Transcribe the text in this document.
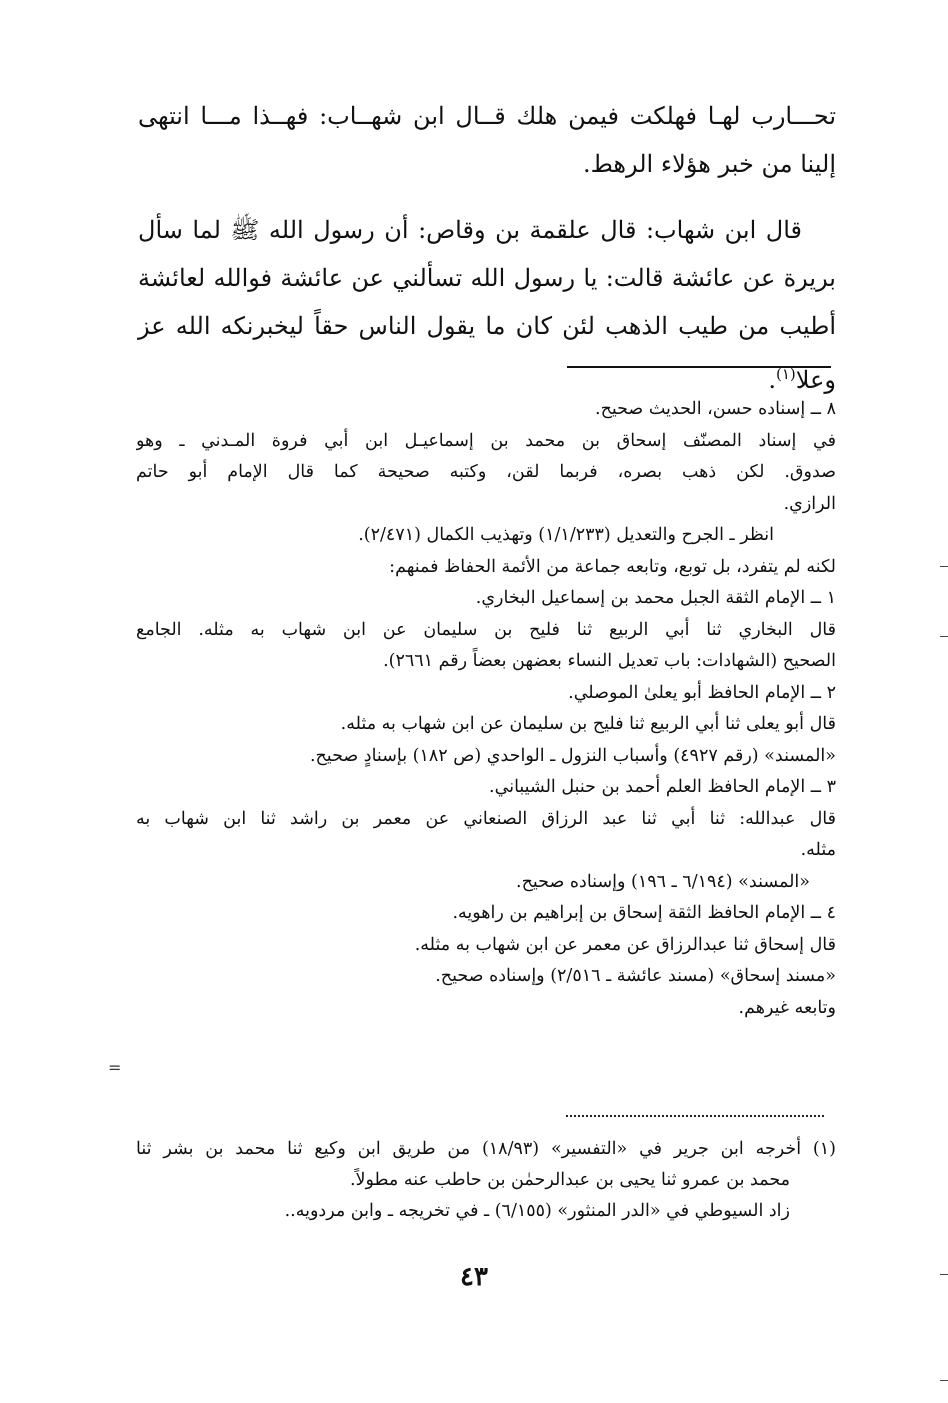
تحـــارب لهـا فهلكت فيمن هلك قــال ابن شهــاب: فهــذا مـــا انتهى إلينا من خبر هؤلاء الرهط.

قال ابن شهاب: قال علقمة بن وقاص: أن رسول الله ﷺ لما سأل بريرة عن عائشة قالت: يا رسول الله تسألني عن عائشة فوالله لعائشة أطيب من طيب الذهب لئن كان ما يقول الناس حقاً ليخبرنكه الله عز وعلا$^{(١)}$.

٨ ــ إسناده حسن، الحديث صحيح.
في إسناد المصنّف إسحاق بن محمد بن إسماعيـل ابن أبي فروة المـدني ـ وهو
صدوق. لكن ذهب بصره، فربما لقن، وكتبه صحيحة كما قال الإمام أبو حاتم
الرازي.
انظر ـ الجرح والتعديل (١/١/٢٣٣) وتهذيب الكمال (٢/٤٧١).
لكنه لم يتفرد، بل توبع، وتابعه جماعة من الأئمة الحفاظ فمنهم:
١ ــ الإمام الثقة الجبل محمد بن إسماعيل البخاري.
قال البخاري ثنا أبي الربيع ثنا فليح بن سليمان عن ابن شهاب به مثله. الجامع
الصحيح (الشهادات: باب تعديل النساء بعضهن بعضاً رقم ٢٦٦١).
٢ ــ الإمام الحافظ أبو يعلىٰ الموصلي.
قال أبو يعلى ثنا أبي الربيع ثنا فليح بن سليمان عن ابن شهاب به مثله.
«المسند» (رقم ٤٩٢٧) وأسباب النزول ـ الواحدي (ص ١٨٢) بإسنادٍ صحيح.
٣ ــ الإمام الحافظ العلم أحمد بن حنبل الشيباني.
قال عبدالله: ثنا أبي ثنا عبد الرزاق الصنعاني عن معمر بن راشد ثنا ابن شهاب به
مثله.
«المسند» (٦/١٩٤ ـ ١٩٦) وإسناده صحيح.
٤ ــ الإمام الحافظ الثقة إسحاق بن إبراهيم بن راهويه.
قال إسحاق ثنا عبدالرزاق عن معمر عن ابن شهاب به مثله.
«مسند إسحاق» (مسند عائشة ـ ٢/٥١٦) وإسناده صحيح.
وتابعه غيرهم.
(١) أخرجه ابن جرير في «التفسير» (١٨/٩٣) من طريق ابن وكيع ثنا محمد بن بشر ثنا
محمد بن عمرو ثنا يحيى بن عبدالرحمٰن بن حاطب عنه مطولاً.
زاد السيوطي في «الدر المنثور» (٦/١٥٥) ـ في تخريجه ـ وابن مردويه..
٤٣
=
